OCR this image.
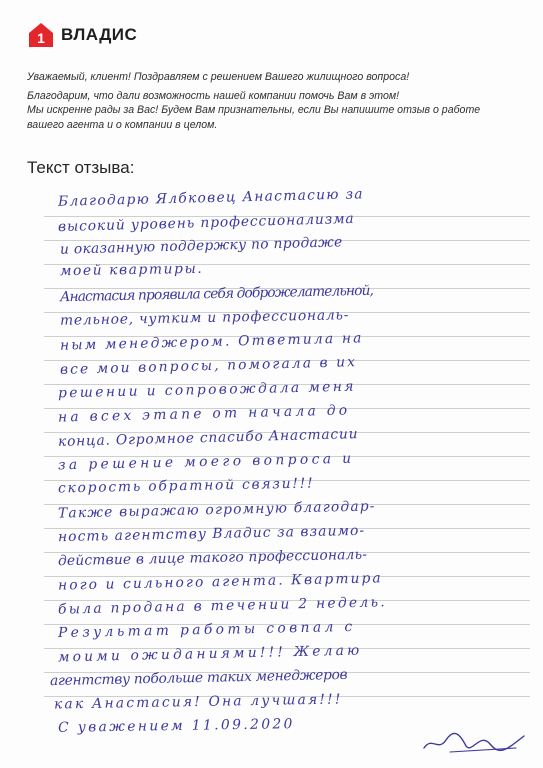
1 ВЛАДИС

Уважаемый, клиент! Поздравляем с решением Вашего жилищного вопроса!

Благодарим, что дали возможность нашей компании помочь Вам в этом!

Мы искренне рады за Вас! Будем Вам признательны, если Вы напишите отзыв о работе

вашего агента и о компании в целом.

Текст отзыва:
Благодарю Ялбковец Анастасию за
высокий уровень профессионализма
и оказанную поддержку по продаже
моей квартиры.
Анастасия проявила себя доброжелательной,
тельное, чутким и профессиональ-
ным менеджером. Ответила на
все мои вопросы, помогала в их
решении и сопровождала меня
на всех этапе от начала до
конца. Огромное спасибо Анастасии
за решение моего вопроса и
скорость обратной связи!!!
Также выражаю огромную благодар-
ность агентству Владис за взаимо-
действие в лице такого профессиональ-
ного и сильного агента. Квартира
была продана в течении 2 недель.
Результат работы совпал с
моими ожиданиями!!! Желаю
агентству побольше таких менеджеров
как Анастасия! Она лучшая!!!
С уважением 11.09.2020
